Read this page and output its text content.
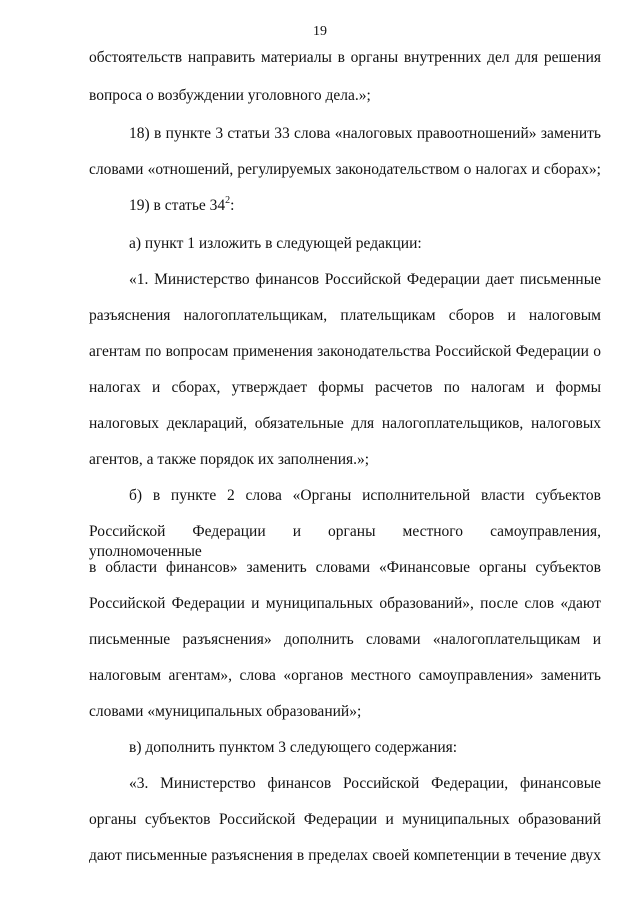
19
обстоятельств направить материалы в органы внутренних дел для решения
вопроса о возбуждении уголовного дела.»;
18) в пункте 3 статьи 33 слова «налоговых правоотношений» заменить
словами «отношений, регулируемых законодательством о налогах и сборах»;
19) в статье $34^2$:
а) пункт 1 изложить в следующей редакции:
«1. Министерство финансов Российской Федерации дает письменные
разъяснения налогоплательщикам, плательщикам сборов и налоговым
агентам по вопросам применения законодательства Российской Федерации о
налогах и сборах, утверждает формы расчетов по налогам и формы
налоговых деклараций, обязательные для налогоплательщиков, налоговых
агентов, а также порядок их заполнения.»;
б) в пункте 2 слова «Органы исполнительной власти субъектов
Российской Федерации и органы местного самоуправления, уполномоченные
в области финансов» заменить словами «Финансовые органы субъектов
Российской Федерации и муниципальных образований», после слов «дают
письменные разъяснения» дополнить словами «налогоплательщикам и
налоговым агентам», слова «органов местного самоуправления» заменить
словами «муниципальных образований»;
в) дополнить пунктом 3 следующего содержания:
«3. Министерство финансов Российской Федерации, финансовые
органы субъектов Российской Федерации и муниципальных образований
дают письменные разъяснения в пределах своей компетенции в течение двух
